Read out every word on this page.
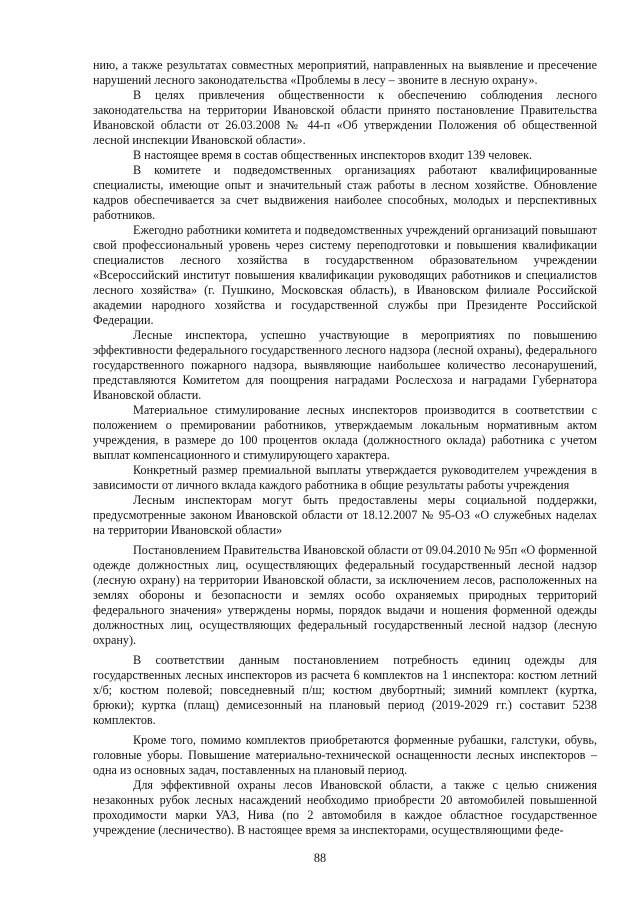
нию, а также результатах совместных мероприятий, направленных на выявление и пресечение нарушений лесного законодательства «Проблемы в лесу – звоните в лесную охрану».

В целях привлечения общественности к обеспечению соблюдения лесного законодательства на территории Ивановской области принято постановление Правительства Ивановской области от 26.03.2008 № 44-п «Об утверждении Положения об общественной лесной инспекции Ивановской области».

В настоящее время в состав общественных инспекторов входит 139 человек.

В комитете и подведомственных организациях работают квалифицированные специалисты, имеющие опыт и значительный стаж работы в лесном хозяйстве. Обновление кадров обеспечивается за счет выдвижения наиболее способных, молодых и перспективных работников.

Ежегодно работники комитета и подведомственных учреждений организаций повышают свой профессиональный уровень через систему переподготовки и повышения квалификации специалистов лесного хозяйства в государственном образовательном учреждении «Всероссийский институт повышения квалификации руководящих работников и специалистов лесного хозяйства» (г. Пушкино, Московская область), в Ивановском филиале Российской академии народного хозяйства и государственной службы при Президенте Российской Федерации.

Лесные инспектора, успешно участвующие в мероприятиях по повышению эффективности федерального государственного лесного надзора (лесной охраны), федерального государственного пожарного надзора, выявляющие наибольшее количество лесонарушений, представляются Комитетом для поощрения наградами Рослесхоза и наградами Губернатора Ивановской области.

Материальное стимулирование лесных инспекторов производится в соответствии с положением о премировании работников, утверждаемым локальным нормативным актом учреждения, в размере до 100 процентов оклада (должностного оклада) работника с учетом выплат компенсационного и стимулирующего характера.

Конкретный размер премиальной выплаты утверждается руководителем учреждения в зависимости от личного вклада каждого работника в общие результаты работы учреждения

Лесным инспекторам могут быть предоставлены меры социальной поддержки, предусмотренные законом Ивановской области от 18.12.2007 № 95-ОЗ «О служебных наделах на территории Ивановской области»

Постановлением Правительства Ивановской области от 09.04.2010 № 95п «О форменной одежде должностных лиц, осуществляющих федеральный государственный лесной надзор (лесную охрану) на территории Ивановской области, за исключением лесов, расположенных на землях обороны и безопасности и землях особо охраняемых природных территорий федерального значения» утверждены нормы, порядок выдачи и ношения форменной одежды должностных лиц, осуществляющих федеральный государственный лесной надзор (лесную охрану).

В соответствии данным постановлением потребность единиц одежды для государственных лесных инспекторов из расчета 6 комплектов на 1 инспектора: костюм летний х/б; костюм полевой; повседневный п/ш; костюм двубортный; зимний комплект (куртка, брюки); куртка (плащ) демисезонный на плановый период (2019-2029 гг.) составит 5238 комплектов.

Кроме того, помимо комплектов приобретаются форменные рубашки, галстуки, обувь, головные уборы. Повышение материально-технической оснащенности лесных инспекторов – одна из основных задач, поставленных на плановый период.

Для эффективной охраны лесов Ивановской области, а также с целью снижения незаконных рубок лесных насаждений необходимо приобрести 20 автомобилей повышенной проходимости марки УАЗ, Нива (по 2 автомобиля в каждое областное государственное учреждение (лесничество). В настоящее время за инспекторами, осуществляющими феде-

88
